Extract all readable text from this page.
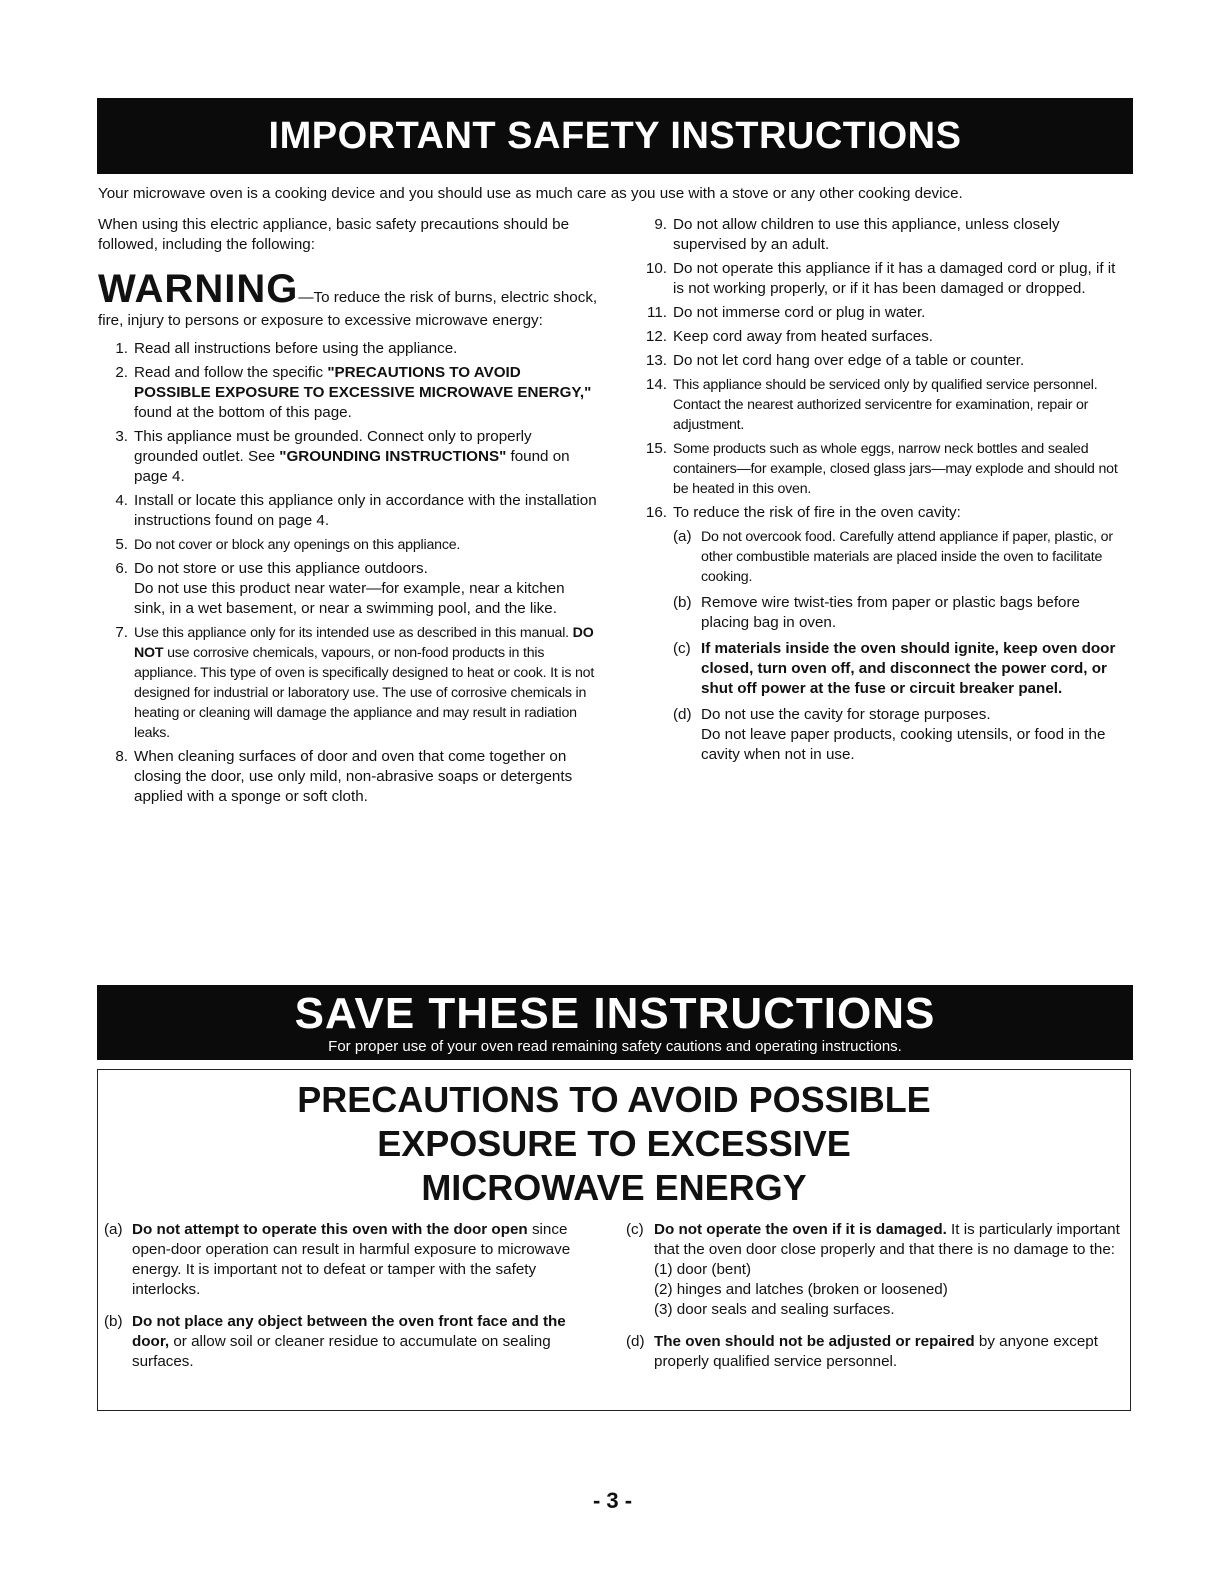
IMPORTANT SAFETY INSTRUCTIONS
Your microwave oven is a cooking device and you should use as much care as you use with a stove or any other cooking device.

When using this electric appliance, basic safety precautions should be followed, including the following:

WARNING—To reduce the risk of burns, electric shock, fire, injury to persons or exposure to excessive microwave energy:

1. Read all instructions before using the appliance.
2. Read and follow the specific "PRECAUTIONS TO AVOID POSSIBLE EXPOSURE TO EXCESSIVE MICROWAVE ENERGY," found at the bottom of this page.
3. This appliance must be grounded. Connect only to properly grounded outlet. See "GROUNDING INSTRUCTIONS" found on page 4.
4. Install or locate this appliance only in accordance with the installation instructions found on page 4.
5. Do not cover or block any openings on this appliance.
6. Do not store or use this appliance outdoors.
Do not use this product near water—for example, near a kitchen sink, in a wet basement, or near a swimming pool, and the like.
7. Use this appliance only for its intended use as described in this manual. DO NOT use corrosive chemicals, vapours, or non-food products in this appliance. This type of oven is specifically designed to heat or cook. It is not designed for industrial or laboratory use. The use of corrosive chemicals in heating or cleaning will damage the appliance and may result in radiation leaks.
8. When cleaning surfaces of door and oven that come together on closing the door, use only mild, non-abrasive soaps or detergents applied with a sponge or soft cloth.
9. Do not allow children to use this appliance, unless closely supervised by an adult.
10. Do not operate this appliance if it has a damaged cord or plug, if it is not working properly, or if it has been damaged or dropped.
11. Do not immerse cord or plug in water.
12. Keep cord away from heated surfaces.
13. Do not let cord hang over edge of a table or counter.
14. This appliance should be serviced only by qualified service personnel. Contact the nearest authorized servicentre for examination, repair or adjustment.
15. Some products such as whole eggs, narrow neck bottles and sealed containers—for example, closed glass jars—may explode and should not be heated in this oven.
16. To reduce the risk of fire in the oven cavity:
(a) Do not overcook food. Carefully attend appliance if paper, plastic, or other combustible materials are placed inside the oven to facilitate cooking.
(b) Remove wire twist-ties from paper or plastic bags before placing bag in oven.
(c) If materials inside the oven should ignite, keep oven door closed, turn oven off, and disconnect the power cord, or shut off power at the fuse or circuit breaker panel.
(d) Do not use the cavity for storage purposes.
Do not leave paper products, cooking utensils, or food in the cavity when not in use.
SAVE THESE INSTRUCTIONS
For proper use of your oven read remaining safety cautions and operating instructions.
PRECAUTIONS TO AVOID POSSIBLE
EXPOSURE TO EXCESSIVE
MICROWAVE ENERGY
(a) Do not attempt to operate this oven with the door open since open-door operation can result in harmful exposure to microwave energy. It is important not to defeat or tamper with the safety interlocks.
(b) Do not place any object between the oven front face and the door, or allow soil or cleaner residue to accumulate on sealing surfaces.
(c) Do not operate the oven if it is damaged. It is particularly important that the oven door close properly and that there is no damage to the:
(1) door (bent)
(2) hinges and latches (broken or loosened)
(3) door seals and sealing surfaces.
(d) The oven should not be adjusted or repaired by anyone except properly qualified service personnel.
- 3 -
